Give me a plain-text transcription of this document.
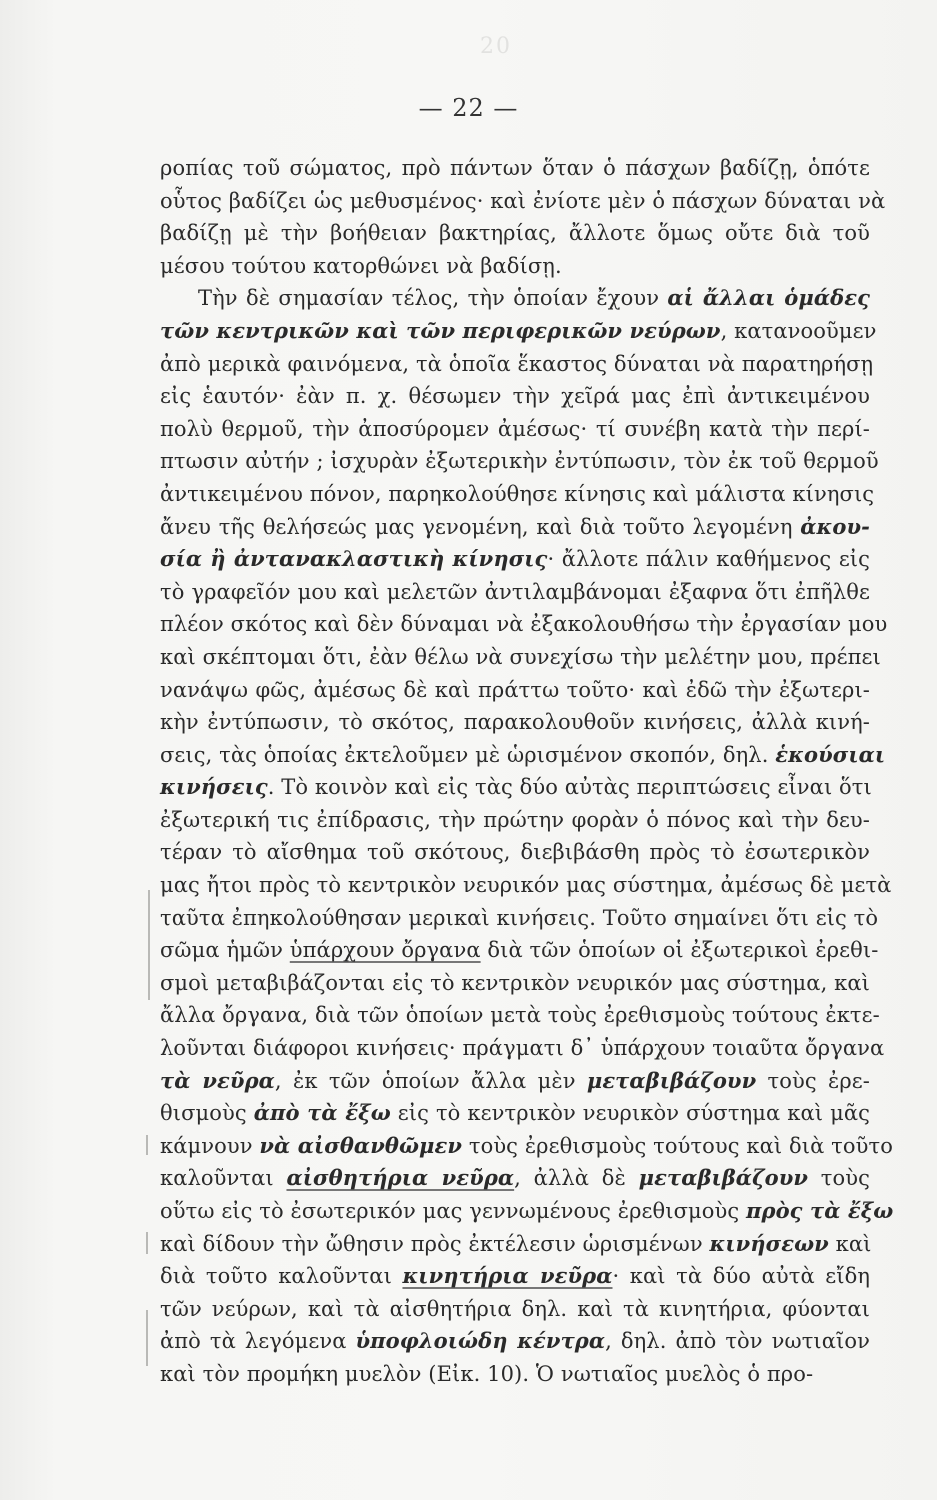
20
— 22 —
ροπίας τοῦ σώματος, πρὸ πάντων ὅταν ὁ πάσχων βαδίζῃ, ὁπότε
οὗτος βαδίζει ὡς μεθυσμένος· καὶ ἐνίοτε μὲν ὁ πάσχων δύναται νὰ
βαδίζῃ μὲ τὴν βοήθειαν βακτηρίας, ἄλλοτε ὅμως οὔτε διὰ τοῦ
μέσου τούτου κατορθώνει νὰ βαδίσῃ.
Τὴν δὲ σημασίαν τέλος, τὴν ὁποίαν ἔχουν αἱ ἄλλαι ὁμάδες
τῶν κεντρικῶν καὶ τῶν περιφερικῶν νεύρων, κατανοοῦμεν
ἀπὸ μερικὰ φαινόμενα, τὰ ὁποῖα ἕκαστος δύναται νὰ παρατηρήσῃ
εἰς ἑαυτόν· ἐὰν π. χ. θέσωμεν τὴν χεῖρά μας ἐπὶ ἀντικειμένου
πολὺ θερμοῦ, τὴν ἀποσύρομεν ἀμέσως· τί συνέβη κατὰ τὴν περί-
πτωσιν αὐτήν ; ἰσχυρὰν ἐξωτερικὴν ἐντύπωσιν, τὸν ἐκ τοῦ θερμοῦ
ἀντικειμένου πόνον, παρηκολούθησε κίνησις καὶ μάλιστα κίνησις
ἄνευ τῆς θελήσεώς μας γενομένη, καὶ διὰ τοῦτο λεγομένη ἀκου-
σία ἢ ἀντανακλαστικὴ κίνησις· ἄλλοτε πάλιν καθήμενος εἰς
τὸ γραφεῖόν μου καὶ μελετῶν ἀντιλαμβάνομαι ἐξαφνα ὅτι ἐπῆλθε
πλέον σκότος καὶ δὲν δύναμαι νὰ ἐξακολουθήσω τὴν ἐργασίαν μου
καὶ σκέπτομαι ὅτι, ἐὰν θέλω νὰ συνεχίσω τὴν μελέτην μου, πρέπει
νανάψω φῶς, ἀμέσως δὲ καὶ πράττω τοῦτο· καὶ ἐδῶ τὴν ἐξωτερι-
κὴν ἐντύπωσιν, τὸ σκότος, παρακολουθοῦν κινήσεις, ἀλλὰ κινή-
σεις, τὰς ὁποίας ἐκτελοῦμεν μὲ ὡρισμένον σκοπόν, δηλ. ἑκούσιαι
κινήσεις. Τὸ κοινὸν καὶ εἰς τὰς δύο αὐτὰς περιπτώσεις εἶναι ὅτι
ἐξωτερική τις ἐπίδρασις, τὴν πρώτην φορὰν ὁ πόνος καὶ τὴν δευ-
τέραν τὸ αἴσθημα τοῦ σκότους, διεβιβάσθη πρὸς τὸ ἐσωτερικὸν
μας ἤτοι πρὸς τὸ κεντρικὸν νευρικόν μας σύστημα, ἀμέσως δὲ μετὰ
ταῦτα ἐπηκολούθησαν μερικαὶ κινήσεις. Τοῦτο σημαίνει ὅτι εἰς τὸ
σῶμα ἡμῶν ὑπάρχουν ὄργανα διὰ τῶν ὁποίων οἱ ἐξωτερικοὶ ἐρεθι-
σμοὶ μεταβιβάζονται εἰς τὸ κεντρικὸν νευρικόν μας σύστημα, καὶ
ἄλλα ὄργανα, διὰ τῶν ὁποίων μετὰ τοὺς ἐρεθισμοὺς τούτους ἐκτε-
λοῦνται διάφοροι κινήσεις· πράγματι δ᾽ ὑπάρχουν τοιαῦτα ὄργανα
τὰ νεῦρα, ἐκ τῶν ὁποίων ἄλλα μὲν μεταβιβάζουν τοὺς ἐρε-
θισμοὺς ἀπὸ τὰ ἔξω εἰς τὸ κεντρικὸν νευρικὸν σύστημα καὶ μᾶς
κάμνουν νὰ αἰσθανθῶμεν τοὺς ἐρεθισμοὺς τούτους καὶ διὰ τοῦτο
καλοῦνται αἰσθητήρια νεῦρα, ἀλλὰ δὲ μεταβιβάζουν τοὺς
οὕτω εἰς τὸ ἐσωτερικόν μας γεννωμένους ἐρεθισμοὺς πρὸς τὰ ἔξω
καὶ δίδουν τὴν ὤθησιν πρὸς ἐκτέλεσιν ὡρισμένων κινήσεων καὶ
διὰ τοῦτο καλοῦνται κινητήρια νεῦρα· καὶ τὰ δύο αὐτὰ εἴδη
τῶν νεύρων, καὶ τὰ αἰσθητήρια δηλ. καὶ τὰ κινητήρια, φύονται
ἀπὸ τὰ λεγόμενα ὑποφλοιώδη κέντρα, δηλ. ἀπὸ τὸν νωτιαῖον
καὶ τὸν προμήκη μυελὸν (Εἰκ. 10). Ὁ νωτιαῖος μυελὸς ὁ προ-
